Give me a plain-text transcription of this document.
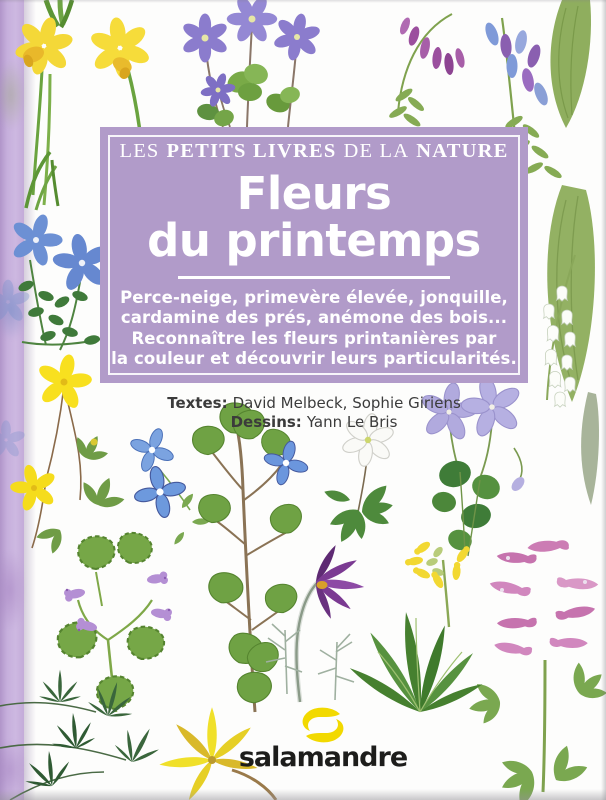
LES PETITS LIVRES DE LA NATURE
Fleurs
du printemps
Perce-neige, primevère élevée, jonquille,
cardamine des prés, anémone des bois...
Reconnaître les fleurs printanières par
la couleur et découvrir leurs particularités.
Textes: David Melbeck, Sophie Giriens
Dessins: Yann Le Bris
salamandre
